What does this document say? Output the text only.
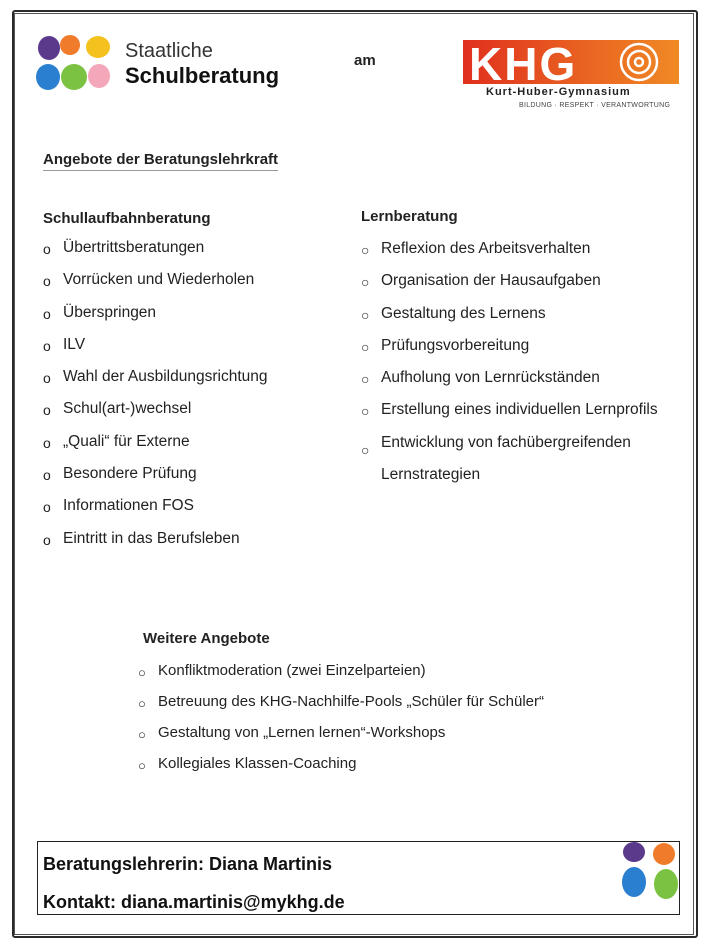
Staatliche
Schulberatung
am KHG
Kurt-Huber-Gymnasium
BILDUNG · RESPEKT · VERANTWORTUNG
Angebote der Beratungslehrkraft
Schullaufbahnberatung
o Übertrittsberatungen
o Vorrücken und Wiederholen
o Überspringen
o ILV
o Wahl der Ausbildungsrichtung
o Schul(art-)wechsel
o „Quali“ für Externe
o Besondere Prüfung
o Informationen FOS
o Eintritt in das Berufsleben
Lernberatung
○ Reflexion des Arbeitsverhalten
○ Organisation der Hausaufgaben
○ Gestaltung des Lernens
○ Prüfungsvorbereitung
○ Aufholung von Lernrückständen
○ Erstellung eines individuellen Lernprofils
○ Entwicklung von fachübergreifenden Lernstrategien
Weitere Angebote
○ Konfliktmoderation (zwei Einzelparteien)
○ Betreuung des KHG-Nachhilfe-Pools „Schüler für Schüler“
○ Gestaltung von „Lernen lernen“-Workshops
○ Kollegiales Klassen-Coaching
Beratungslehrerin: Diana Martinis
Kontakt: diana.martinis@mykhg.de
